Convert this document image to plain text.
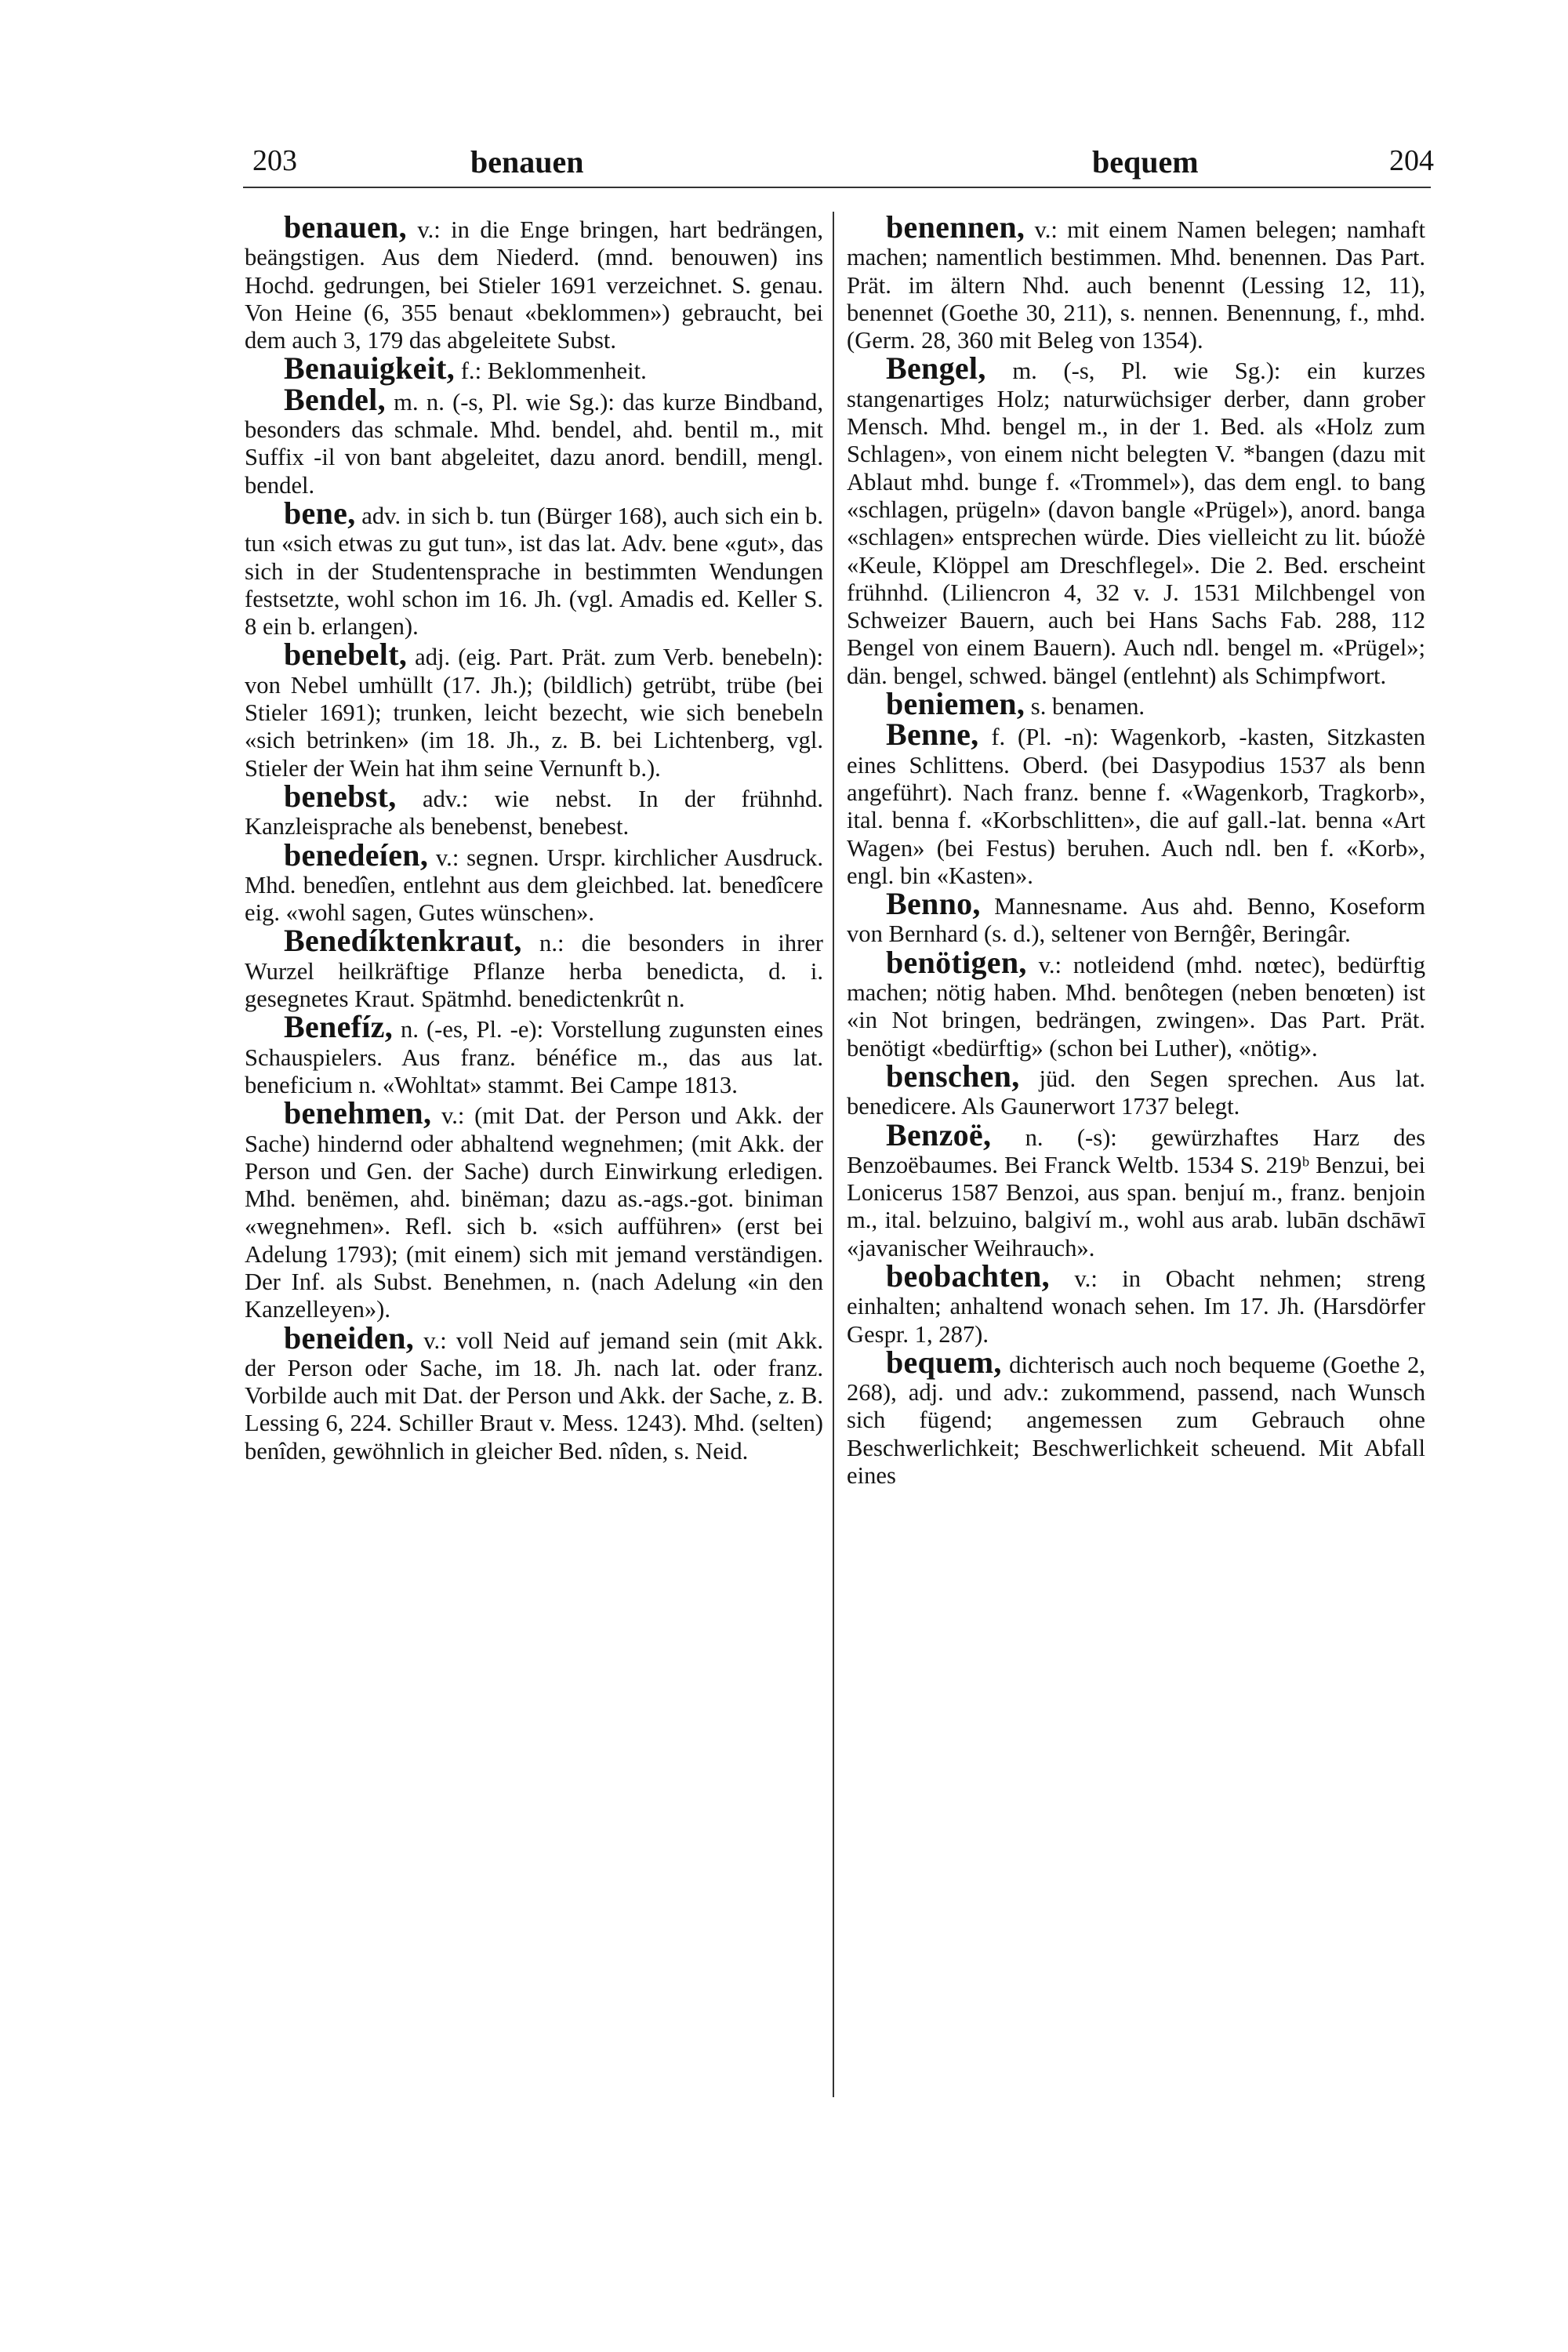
203	benauen	bequem	204

benauen, v.: in die Enge bringen, hart bedrängen, beängstigen. Aus dem Niederd. (mnd. benouwen) ins Hochd. gedrungen, bei Stieler 1691 verzeichnet. S. genau. Von Heine (6, 355 benaut «beklommen») gebraucht, bei dem auch 3, 179 das abgeleitete Subst.

Benauigkeit, f.: Beklommenheit.

Bendel, m. n. (-s, Pl. wie Sg.): das kurze Bindband, besonders das schmale. Mhd. bendel, ahd. bentil m., mit Suffix -il von bant abgeleitet, dazu anord. bendill, mengl. bendel.

bene, adv. in sich b. tun (Bürger 168), auch sich ein b. tun «sich etwas zu gut tun», ist das lat. Adv. bene «gut», das sich in der Studentensprache in bestimmten Wendungen festsetzte, wohl schon im 16. Jh. (vgl. Amadis ed. Keller S. 8 ein b. erlangen).

benebelt, adj. (eig. Part. Prät. zum Verb. benebeln): von Nebel umhüllt (17. Jh.); (bildlich) getrübt, trübe (bei Stieler 1691); trunken, leicht bezecht, wie sich benebeln «sich betrinken» (im 18. Jh., z. B. bei Lichtenberg, vgl. Stieler der Wein hat ihm seine Vernunft b.).

benebst, adv.: wie nebst. In der frühnhd. Kanzleisprache als benebenst, benebest.

benedeíen, v.: segnen. Urspr. kirchlicher Ausdruck. Mhd. benedîen, entlehnt aus dem gleichbed. lat. benedîcere eig. «wohl sagen, Gutes wünschen».

Benedíktenkraut, n.: die besonders in ihrer Wurzel heilkräftige Pflanze herba benedicta, d. i. gesegnetes Kraut. Spätmhd. benedictenkrût n.

Benefíz, n. (-es, Pl. -e): Vorstellung zugunsten eines Schauspielers. Aus franz. bénéfice m., das aus lat. beneficium n. «Wohltat» stammt. Bei Campe 1813.

benehmen, v.: (mit Dat. der Person und Akk. der Sache) hindernd oder abhaltend wegnehmen; (mit Akk. der Person und Gen. der Sache) durch Einwirkung erledigen. Mhd. benëmen, ahd. binëman; dazu as.-ags.-got. biniman «wegnehmen». Refl. sich b. «sich aufführen» (erst bei Adelung 1793); (mit einem) sich mit jemand verständigen. Der Inf. als Subst. Benehmen, n. (nach Adelung «in den Kanzelleyen»).

beneiden, v.: voll Neid auf jemand sein (mit Akk. der Person oder Sache, im 18. Jh. nach lat. oder franz. Vorbilde auch mit Dat. der Person und Akk. der Sache, z. B. Lessing 6, 224. Schiller Braut v. Mess. 1243). Mhd. (selten) benîden, gewöhnlich in gleicher Bed. nîden, s. Neid.

benennen, v.: mit einem Namen belegen; namhaft machen; namentlich bestimmen. Mhd. benennen. Das Part. Prät. im ältern Nhd. auch benennt (Lessing 12, 11), benennet (Goethe 30, 211), s. nennen. Benennung, f., mhd. (Germ. 28, 360 mit Beleg von 1354).

Bengel, m. (-s, Pl. wie Sg.): ein kurzes stangenartiges Holz; naturwüchsiger derber, dann grober Mensch. Mhd. bengel m., in der 1. Bed. als «Holz zum Schlagen», von einem nicht belegten V. *bangen (dazu mit Ablaut mhd. bunge f. «Trommel»), das dem engl. to bang «schlagen, prügeln» (davon bangle «Prügel»), anord. banga «schlagen» entsprechen würde. Dies vielleicht zu lit. búožė «Keule, Klöppel am Dreschflegel». Die 2. Bed. erscheint frühnhd. (Liliencron 4, 32 v. J. 1531 Milchbengel von Schweizer Bauern, auch bei Hans Sachs Fab. 288, 112 Bengel von einem Bauern). Auch ndl. bengel m. «Prügel»; dän. bengel, schwed. bängel (entlehnt) als Schimpfwort.

beniemen, s. benamen.

Benne, f. (Pl. -n): Wagenkorb, -kasten, Sitzkasten eines Schlittens. Oberd. (bei Dasypodius 1537 als benn angeführt). Nach franz. benne f. «Wagenkorb, Tragkorb», ital. benna f. «Korbschlitten», die auf gall.-lat. benna «Art Wagen» (bei Festus) beruhen. Auch ndl. ben f. «Korb», engl. bin «Kasten».

Benno, Mannesname. Aus ahd. Benno, Koseform von Bernhard (s. d.), seltener von Bernĝêr, Beringâr.

benötigen, v.: notleidend (mhd. nœtec), bedürftig machen; nötig haben. Mhd. benôtegen (neben benœten) ist «in Not bringen, bedrängen, zwingen». Das Part. Prät. benötigt «bedürftig» (schon bei Luther), «nötig».

benschen, jüd. den Segen sprechen. Aus lat. benedicere. Als Gaunerwort 1737 belegt.

Benzoë, n. (-s): gewürzhaftes Harz des Benzoëbaumes. Bei Franck Weltb. 1534 S. 219ᵇ Benzui, bei Lonicerus 1587 Benzoi, aus span. benjuí m., franz. benjoin m., ital. belzuino, balgiví m., wohl aus arab. lubān dschāwī «javanischer Weihrauch».

beobachten, v.: in Obacht nehmen; streng einhalten; anhaltend wonach sehen. Im 17. Jh. (Harsdörfer Gespr. 1, 287).

bequem, dichterisch auch noch bequeme (Goethe 2, 268), adj. und adv.: zukommend, passend, nach Wunsch sich fügend; angemessen zum Gebrauch ohne Beschwerlichkeit; Beschwerlichkeit scheuend. Mit Abfall eines
